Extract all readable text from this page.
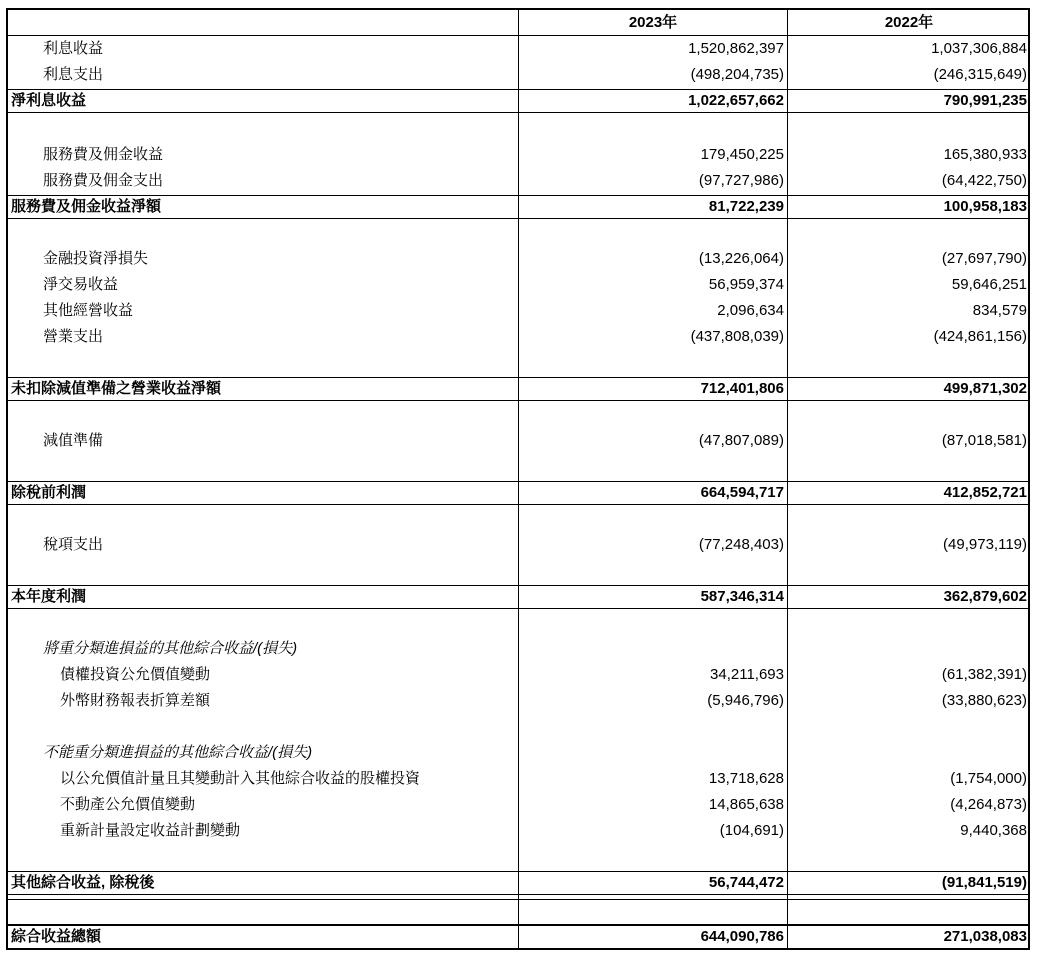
2023年	2022年
利息收益	1,520,862,397	1,037,306,884
利息支出	(498,204,735)	(246,315,649)
淨利息收益	1,022,657,662	790,991,235
服務費及佣金收益	179,450,225	165,380,933
服務費及佣金支出	(97,727,986)	(64,422,750)
服務費及佣金收益淨額	81,722,239	100,958,183
金融投資淨損失	(13,226,064)	(27,697,790)
淨交易收益	56,959,374	59,646,251
其他經營收益	2,096,634	834,579
營業支出	(437,808,039)	(424,861,156)
未扣除減值準備之營業收益淨額	712,401,806	499,871,302
減值準備	(47,807,089)	(87,018,581)
除稅前利潤	664,594,717	412,852,721
稅項支出	(77,248,403)	(49,973,119)
本年度利潤	587,346,314	362,879,602
將重分類進損益的其他綜合收益/(損失)
債權投資公允價值變動	34,211,693	(61,382,391)
外幣財務報表折算差額	(5,946,796)	(33,880,623)
不能重分類進損益的其他綜合收益/(損失)
以公允價值計量且其變動計入其他綜合收益的股權投資	13,718,628	(1,754,000)
不動產公允價值變動	14,865,638	(4,264,873)
重新計量設定收益計劃變動	(104,691)	9,440,368
其他綜合收益, 除稅後	56,744,472	(91,841,519)
綜合收益總額	644,090,786	271,038,083
